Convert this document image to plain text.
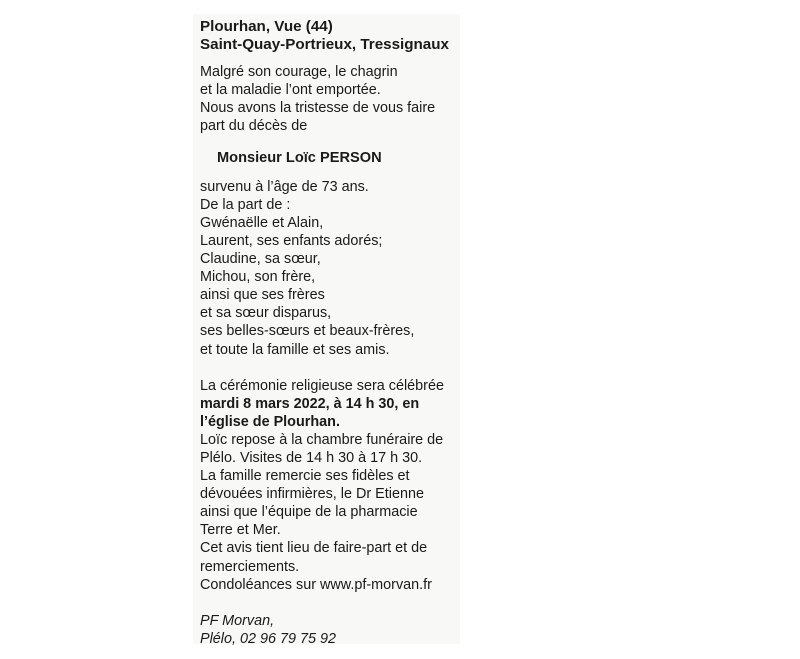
Plourhan, Vue (44)
Saint-Quay-Portrieux, Tressignaux
Malgré son courage, le chagrin
et la maladie l’ont emportée.
Nous avons la tristesse de vous faire
part du décès de
Monsieur Loïc PERSON
survenu à l’âge de 73 ans.
De la part de :
Gwénaëlle et Alain,
Laurent, ses enfants adorés;
Claudine, sa sœur,
Michou, son frère,
ainsi que ses frères
et sa sœur disparus,
ses belles-sœurs et beaux-frères,
et toute la famille et ses amis.
La cérémonie religieuse sera célébrée
mardi 8 mars 2022, à 14 h 30, en
l’église de Plourhan.
Loïc repose à la chambre funéraire de
Plélo. Visites de 14 h 30 à 17 h 30.
La famille remercie ses fidèles et
dévouées infirmières, le Dr Etienne
ainsi que l’équipe de la pharmacie
Terre et Mer.
Cet avis tient lieu de faire-part et de
remerciements.
Condoléances sur www.pf-morvan.fr
PF Morvan,
Plélo, 02 96 79 75 92
